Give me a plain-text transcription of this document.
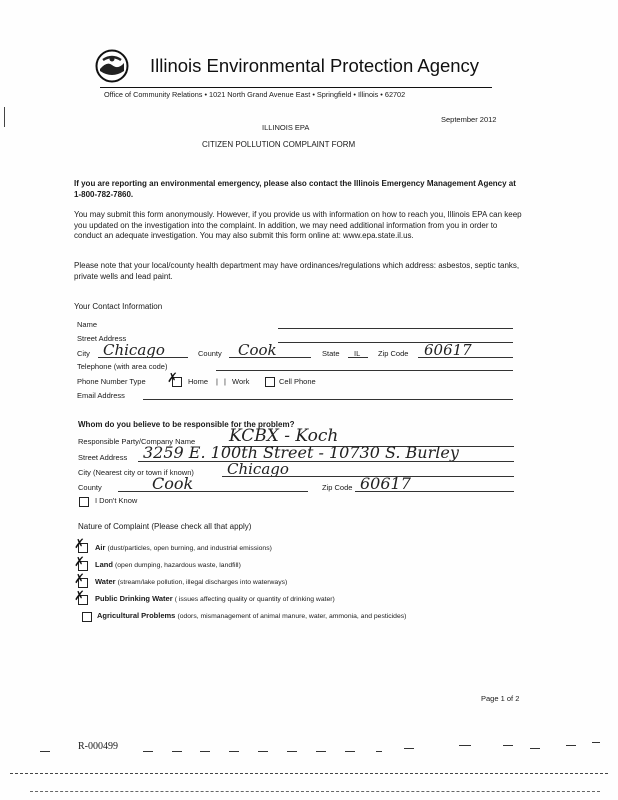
Illinois Environmental Protection Agency
Office of Community Relations • 1021 North Grand Avenue East • Springfield • Illinois • 62702
September 2012
ILLINOIS EPA
CITIZEN POLLUTION COMPLAINT FORM
If you are reporting an environmental emergency, please also contact the Illinois Emergency Management Agency at 1-800-782-7860.
You may submit this form anonymously. However, if you provide us with information on how to reach you, Illinois EPA can keep you updated on the investigation into the complaint. In addition, we may need additional information from you in order to conduct an adequate investigation. You may also submit this form online at: www.epa.state.il.us.
Please note that your local/county health department may have ordinances/regulations which address: asbestos, septic tanks, private wells and lead paint.
Your Contact Information
Name
Street Address
City Chicago	County Cook	State IL Zip Code 60617
Telephone (with area code)
Phone Number Type ✗ Home | | Work	Cell Phone
Email Address
Whom do you believe to be responsible for the problem?
Responsible Party/Company Name KCBX - Koch
Street Address 3259 E. 100th Street - 10730 S. Burley
City (Nearest city or town if known) Chicago
County	Cook	Zip Code 60617
I Don't Know
Nature of Complaint (Please check all that apply)
✗ Air (dust/particles, open burning, and industrial emissions)
✗ Land (open dumping, hazardous waste, landfill)
✗ Water (stream/lake pollution, illegal discharges into waterways)
✗ Public Drinking Water ( issues affecting quality or quantity of drinking water)
Agricultural Problems (odors, mismanagement of animal manure, water, ammonia, and pesticides)
Page 1 of 2
R-000499
